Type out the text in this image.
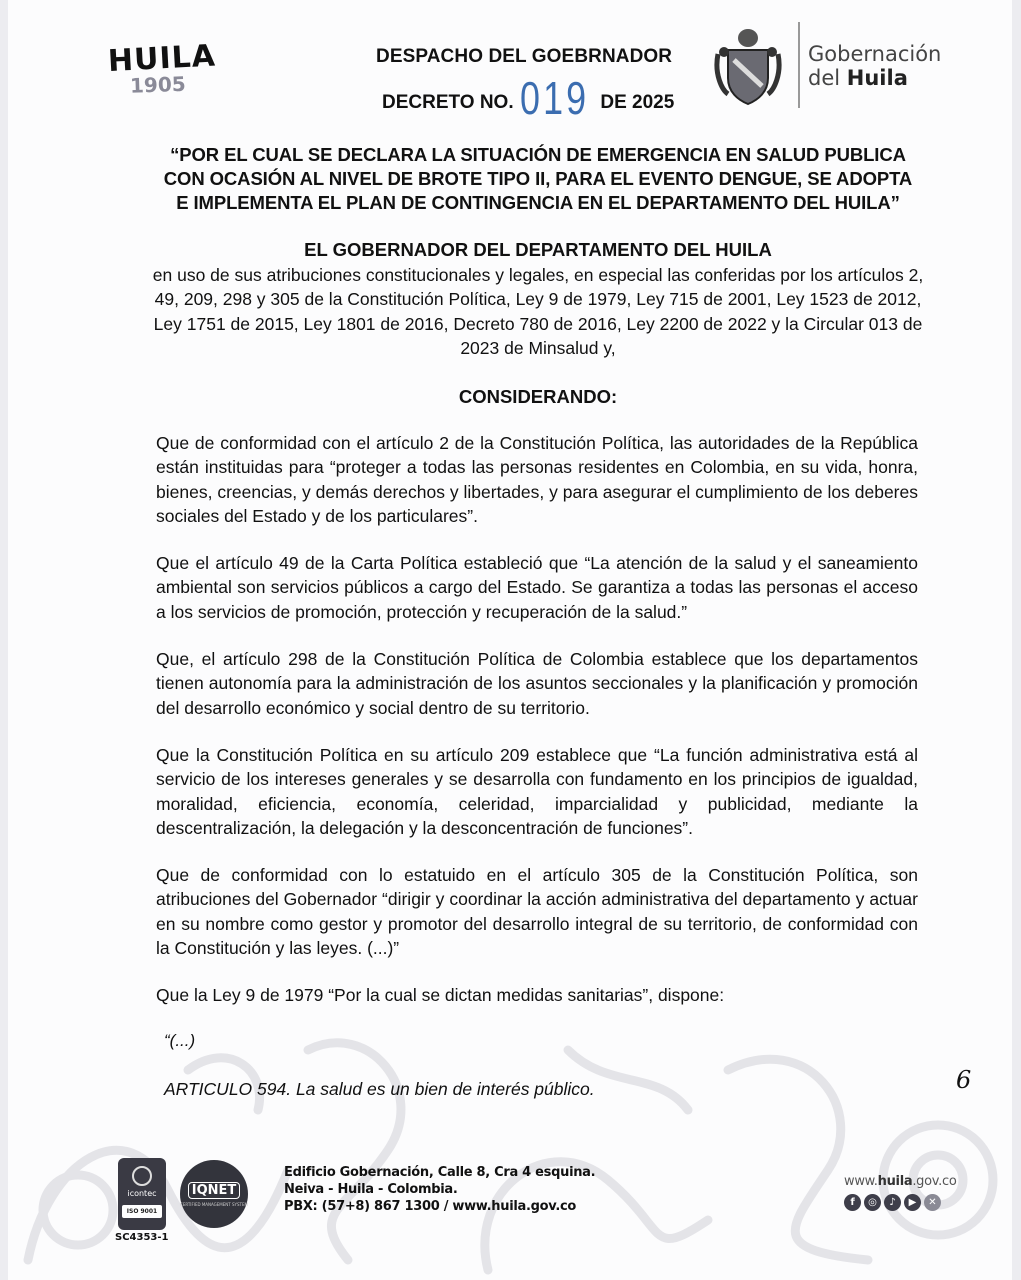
HUILA
1905
DESPACHO DEL GOEBRNADOR
DECRETO NO. 019 DE 2025
Gobernación
del Huila
“POR EL CUAL SE DECLARA LA SITUACIÓN DE EMERGENCIA EN SALUD PUBLICA
CON OCASIÓN AL NIVEL DE BROTE TIPO II, PARA EL EVENTO DENGUE, SE ADOPTA
E IMPLEMENTA EL PLAN DE CONTINGENCIA EN EL DEPARTAMENTO DEL HUILA”
EL GOBERNADOR DEL DEPARTAMENTO DEL HUILA
en uso de sus atribuciones constitucionales y legales, en especial las conferidas por los artículos 2, 49, 209, 298 y 305 de la Constitución Política, Ley 9 de 1979, Ley 715 de 2001, Ley 1523 de 2012, Ley 1751 de 2015, Ley 1801 de 2016, Decreto 780 de 2016, Ley 2200 de 2022 y la Circular 013 de 2023 de Minsalud y,
CONSIDERANDO:
Que de conformidad con el artículo 2 de la Constitución Política, las autoridades de la República están instituidas para “proteger a todas las personas residentes en Colombia, en su vida, honra, bienes, creencias, y demás derechos y libertades, y para asegurar el cumplimiento de los deberes sociales del Estado y de los particulares”.
Que el artículo 49 de la Carta Política estableció que “La atención de la salud y el saneamiento ambiental son servicios públicos a cargo del Estado. Se garantiza a todas las personas el acceso a los servicios de promoción, protección y recuperación de la salud.”
Que, el artículo 298 de la Constitución Política de Colombia establece que los departamentos tienen autonomía para la administración de los asuntos seccionales y la planificación y promoción del desarrollo económico y social dentro de su territorio.
Que la Constitución Política en su artículo 209 establece que “La función administrativa está al servicio de los intereses generales y se desarrolla con fundamento en los principios de igualdad, moralidad, eficiencia, economía, celeridad, imparcialidad y publicidad, mediante la descentralización, la delegación y la desconcentración de funciones”.
Que de conformidad con lo estatuido en el artículo 305 de la Constitución Política, son atribuciones del Gobernador “dirigir y coordinar la acción administrativa del departamento y actuar en su nombre como gestor y promotor del desarrollo integral de su territorio, de conformidad con la Constitución y las leyes. (...)”
Que la Ley 9 de 1979 “Por la cual se dictan medidas sanitarias”, dispone:
“(...)
ARTICULO 594. La salud es un bien de interés público.	6
icontec
ISO 9001
SC4353-1
IQNET
CERTIFIED MANAGEMENT SYSTEM
Edificio Gobernación, Calle 8, Cra 4 esquina.
Neiva - Huila - Colombia.
PBX: (57+8) 867 1300 / www.huila.gov.co
www.huila.gov.co
f	◎	♪	▶	✕
